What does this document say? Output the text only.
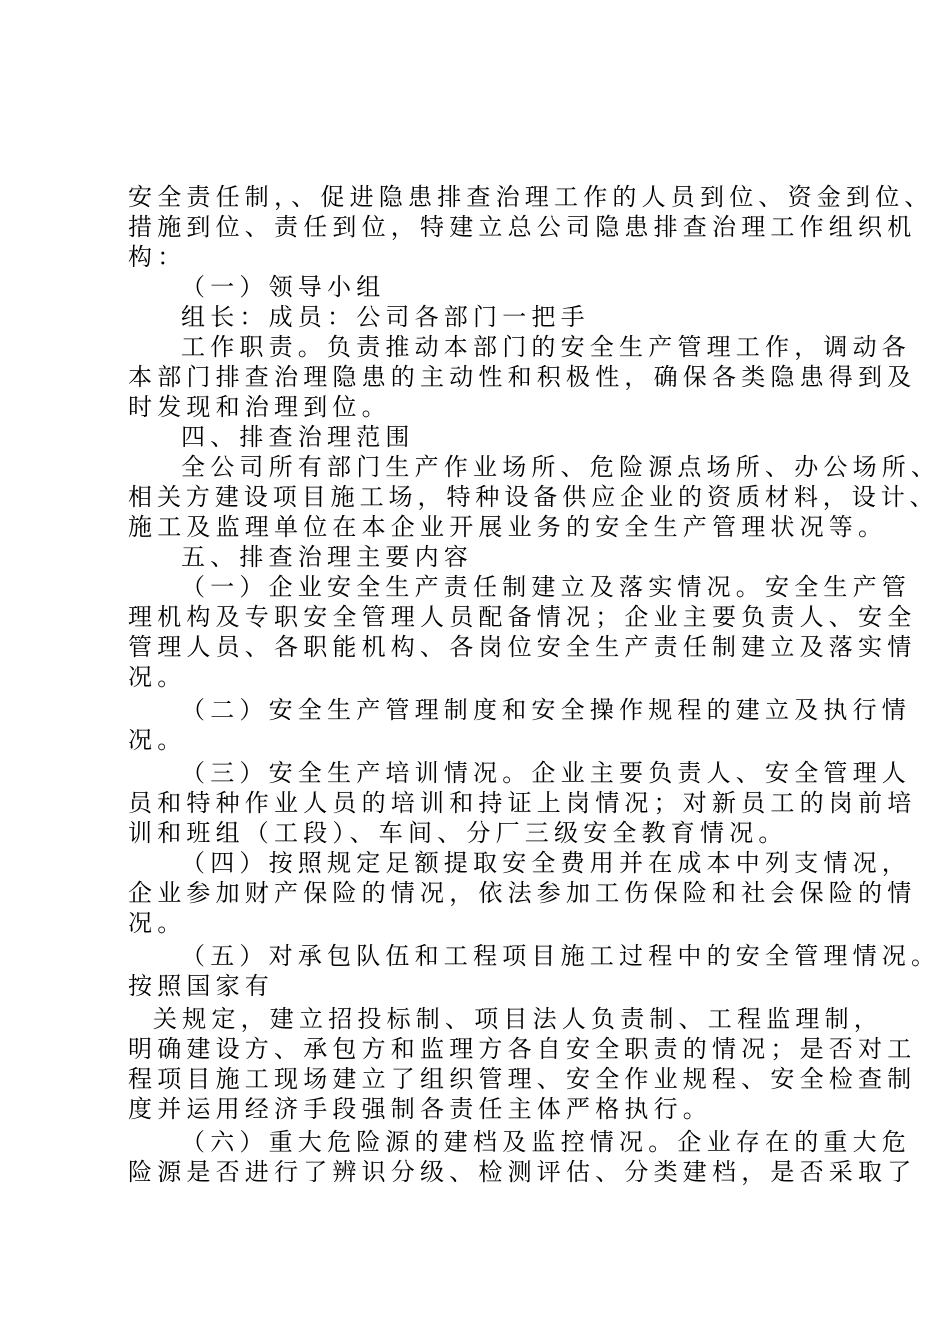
安全责任制，、促进隐患排查治理工作的人员到位、资金到位、
措施到位、责任到位，特建立总公司隐患排查治理工作组织机
构：
（一）领导小组
组长：成员：公司各部门一把手
工作职责。负责推动本部门的安全生产管理工作，调动各
本部门排查治理隐患的主动性和积极性，确保各类隐患得到及
时发现和治理到位。
四、排查治理范围
全公司所有部门生产作业场所、危险源点场所、办公场所、
相关方建设项目施工场，特种设备供应企业的资质材料，设计、
施工及监理单位在本企业开展业务的安全生产管理状况等。
五、排查治理主要内容
（一）企业安全生产责任制建立及落实情况。安全生产管
理机构及专职安全管理人员配备情况；企业主要负责人、安全
管理人员、各职能机构、各岗位安全生产责任制建立及落实情
况。
（二）安全生产管理制度和安全操作规程的建立及执行情
况。
（三）安全生产培训情况。企业主要负责人、安全管理人
员和特种作业人员的培训和持证上岗情况；对新员工的岗前培
训和班组（工段）、车间、分厂三级安全教育情况。
（四）按照规定足额提取安全费用并在成本中列支情况，
企业参加财产保险的情况，依法参加工伤保险和社会保险的情
况。
（五）对承包队伍和工程项目施工过程中的安全管理情况。
按照国家有
关规定，建立招投标制、项目法人负责制、工程监理制，
明确建设方、承包方和监理方各自安全职责的情况；是否对工
程项目施工现场建立了组织管理、安全作业规程、安全检查制
度并运用经济手段强制各责任主体严格执行。
（六）重大危险源的建档及监控情况。企业存在的重大危
险源是否进行了辨识分级、检测评估、分类建档，是否采取了
